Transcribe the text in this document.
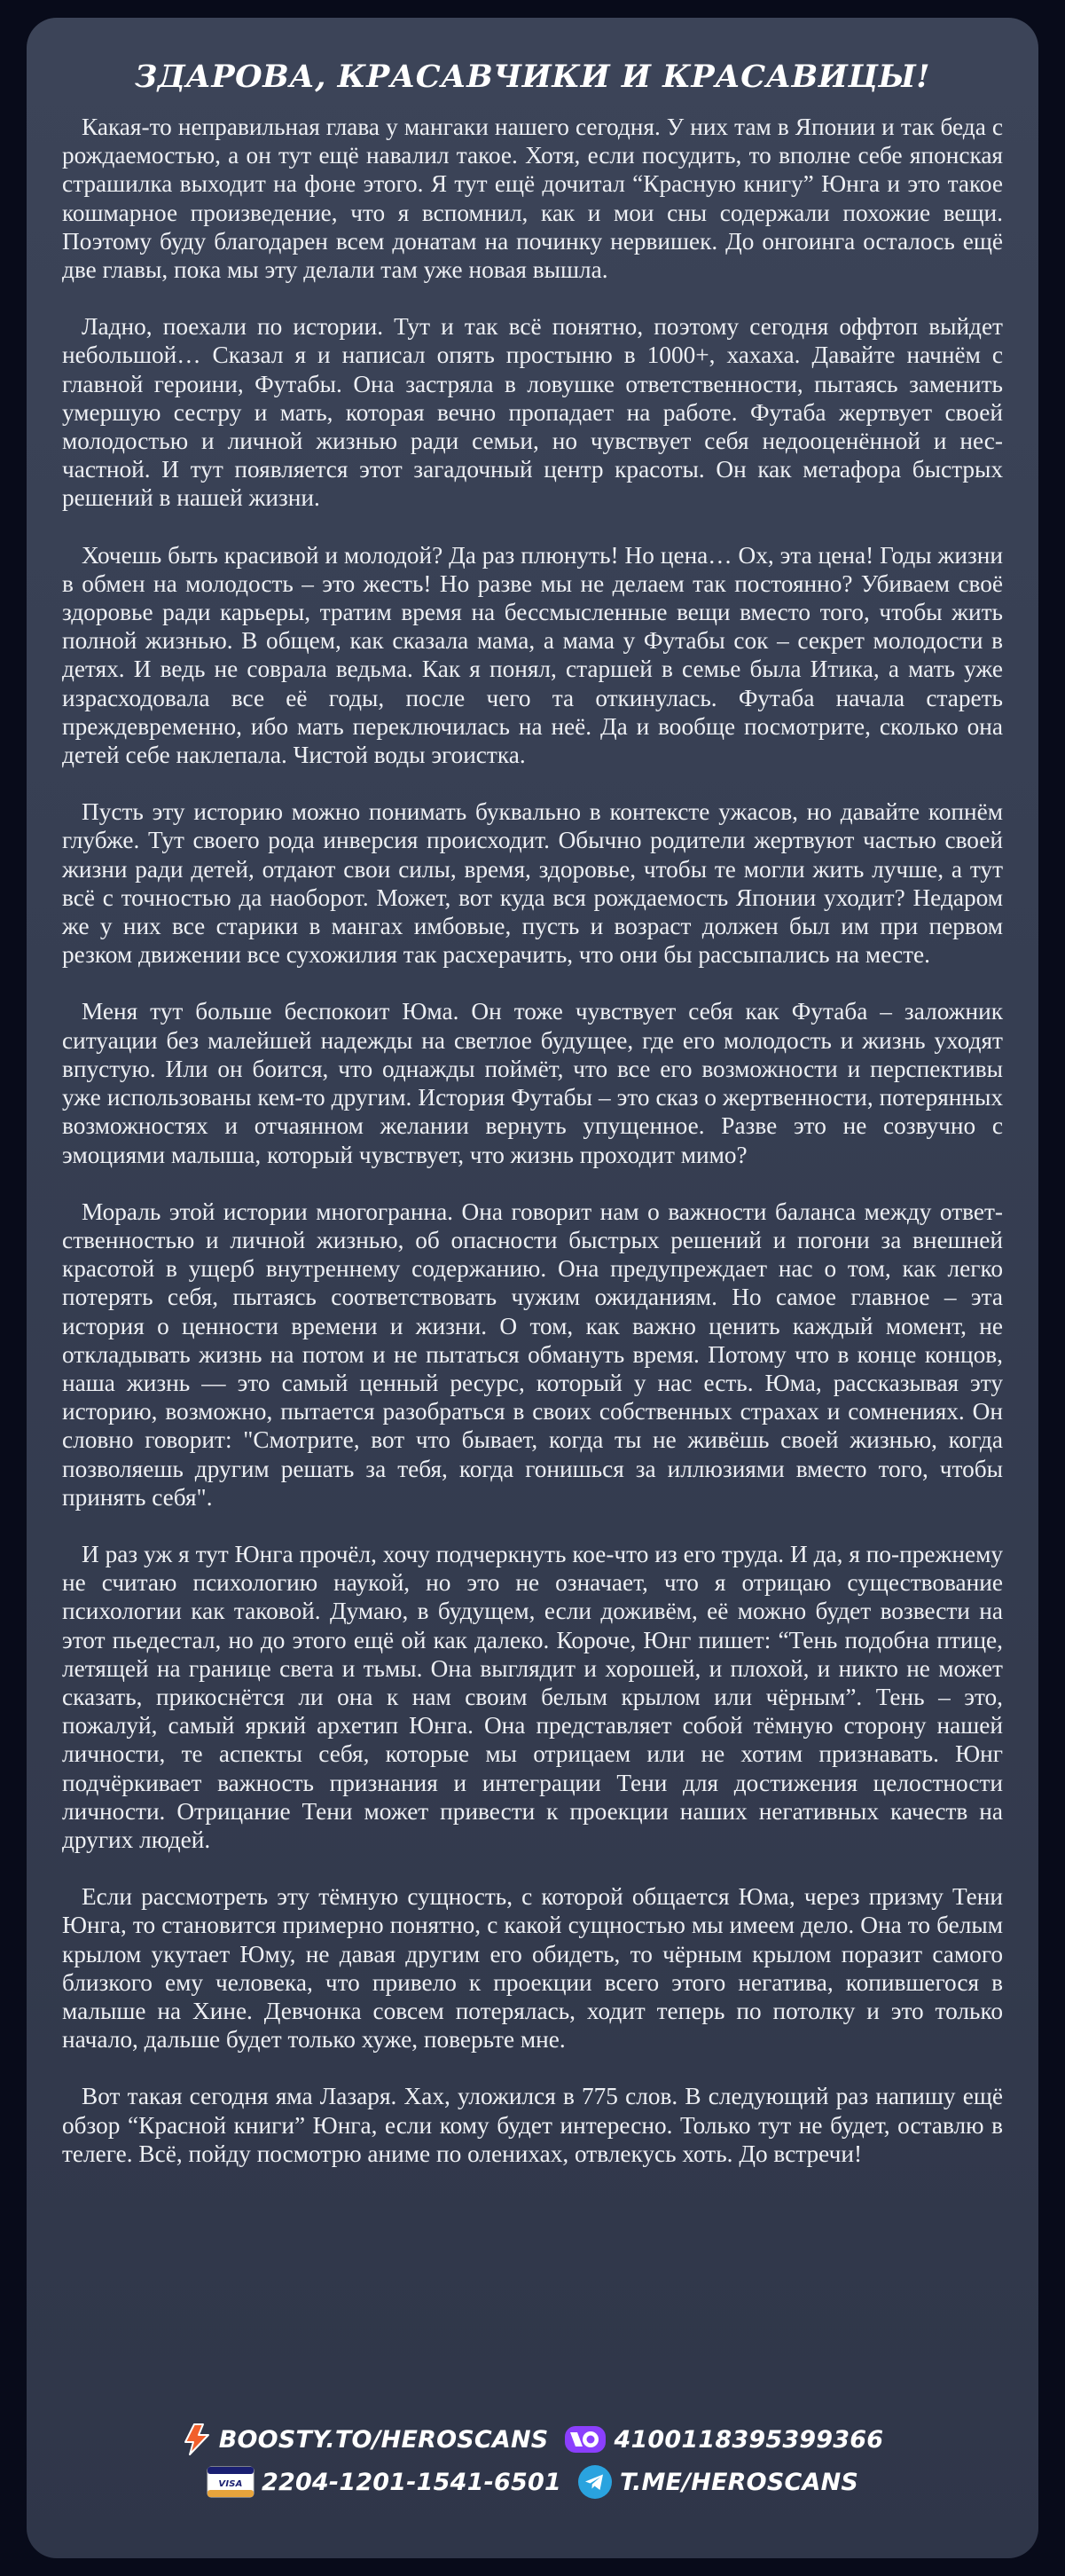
ЗДАРОВА, КРАСАВЧИКИ И КРАСАВИЦЫ!

Какая-то неправильная глава у мангаки нашего сегодня. У них там в Японии и так беда с рождаемостью, а он тут ещё навалил такое. Хотя, если посудить, то вполне себе японская страшилка выходит на фоне этого. Я тут ещё дочитал “Красную книгу” Юнга и это такое кошмарное произведение, что я вспомнил, как и мои сны содержали похожие вещи. Поэтому буду благодарен всем донатам на починку нервишек. До онгоинга осталось ещё две главы, пока мы эту делали там уже новая вышла.

Ладно, поехали по истории. Тут и так всё понятно, поэтому сегодня оффтоп выйдет небольшой… Сказал я и написал опять простыню в 1000+, хахаха. Давайте начнём с главной героини, Футабы. Она застряла в ловушке ответственности, пытаясь заменить умершую сестру и мать, которая вечно пропадает на работе. Футаба жертвует своей молодостью и личной жизнью ради семьи, но чувствует себя недооценённой и несчастной. И тут появляется этот загадочный центр красоты. Он как метафора быстрых решений в нашей жизни.

Хочешь быть красивой и молодой? Да раз плюнуть! Но цена… Ох, эта цена! Годы жизни в обмен на молодость – это жесть! Но разве мы не делаем так постоянно? Убиваем своё здоровье ради карьеры, тратим время на бессмысленные вещи вместо того, чтобы жить полной жизнью. В общем, как сказала мама, а мама у Футабы сок – секрет молодости в детях. И ведь не соврала ведьма. Как я понял, старшей в семье была Итика, а мать уже израсходовала все её годы, после чего та откинулась. Футаба начала стареть преждевременно, ибо мать переключилась на неё. Да и вообще посмотрите, сколько она детей себе наклепала. Чистой воды эгоистка.

Пусть эту историю можно понимать буквально в контексте ужасов, но давайте копнём глубже. Тут своего рода инверсия происходит. Обычно родители жертвуют частью своей жизни ради детей, отдают свои силы, время, здоровье, чтобы те могли жить лучше, а тут всё с точностью да наоборот. Может, вот куда вся рождаемость Японии уходит? Недаром же у них все старики в мангах имбовые, пусть и возраст должен был им при первом резком движении все сухожилия так расхерачить, что они бы рассыпались на месте.

Меня тут больше беспокоит Юма. Он тоже чувствует себя как Футаба – заложник ситуации без малейшей надежды на светлое будущее, где его молодость и жизнь уходят впустую. Или он боится, что однажды поймёт, что все его возможности и перспективы уже использованы кем-то другим. История Футабы – это сказ о жертвенности, потерянных возможностях и отчаянном желании вернуть упущенное. Разве это не созвучно с эмоциями малыша, который чувствует, что жизнь проходит мимо?

Мораль этой истории многогранна. Она говорит нам о важности баланса между ответственностью и личной жизнью, об опасности быстрых решений и погони за внешней красотой в ущерб внутреннему содержанию. Она предупреждает нас о том, как легко потерять себя, пытаясь соответствовать чужим ожиданиям. Но самое главное – эта история о ценности времени и жизни. О том, как важно ценить каждый момент, не откладывать жизнь на потом и не пытаться обмануть время. Потому что в конце концов, наша жизнь — это самый ценный ресурс, который у нас есть. Юма, рассказывая эту историю, возможно, пытается разобраться в своих собственных страхах и сомнениях. Он словно говорит: "Смотрите, вот что бывает, когда ты не живёшь своей жизнью, когда позволяешь другим решать за тебя, когда гонишься за иллюзиями вместо того, чтобы принять себя".

И раз уж я тут Юнга прочёл, хочу подчеркнуть кое-что из его труда. И да, я по-прежнему не считаю психологию наукой, но это не означает, что я отрицаю существование психологии как таковой. Думаю, в будущем, если доживём, её можно будет возвести на этот пьедестал, но до этого ещё ой как далеко. Короче, Юнг пишет: “Тень подобна птице, летящей на границе света и тьмы. Она выглядит и хорошей, и плохой, и никто не может сказать, прикоснётся ли она к нам своим белым крылом или чёрным”. Тень – это, пожалуй, самый яркий архетип Юнга. Она представляет собой тёмную сторону нашей личности, те аспекты себя, которые мы отрицаем или не хотим признавать. Юнг подчёркивает важность признания и интеграции Тени для достижения целостности личности. Отрицание Тени может привести к проекции наших негативных качеств на других людей.

Если рассмотреть эту тёмную сущность, с которой общается Юма, через призму Тени Юнга, то становится примерно понятно, с какой сущностью мы имеем дело. Она то белым крылом укутает Юму, не давая другим его обидеть, то чёрным крылом поразит самого близкого ему человека, что привело к проекции всего этого негатива, копившегося в малыше на Хине. Девчонка совсем потерялась, ходит теперь по потолку и это только начало, дальше будет только хуже, поверьте мне.

Вот такая сегодня яма Лазаря. Хах, уложился в 775 слов. В следующий раз напишу ещё обзор “Красной книги” Юнга, если кому будет интересно. Только тут не будет, оставлю в телеге. Всё, пойду посмотрю аниме по оленихах, отвлекусь хоть. До встречи!

BOOSTY.TO/HEROSCANS	4100118395399366
VISA 2204-1201-1541-6501 T.ME/HEROSCANS
